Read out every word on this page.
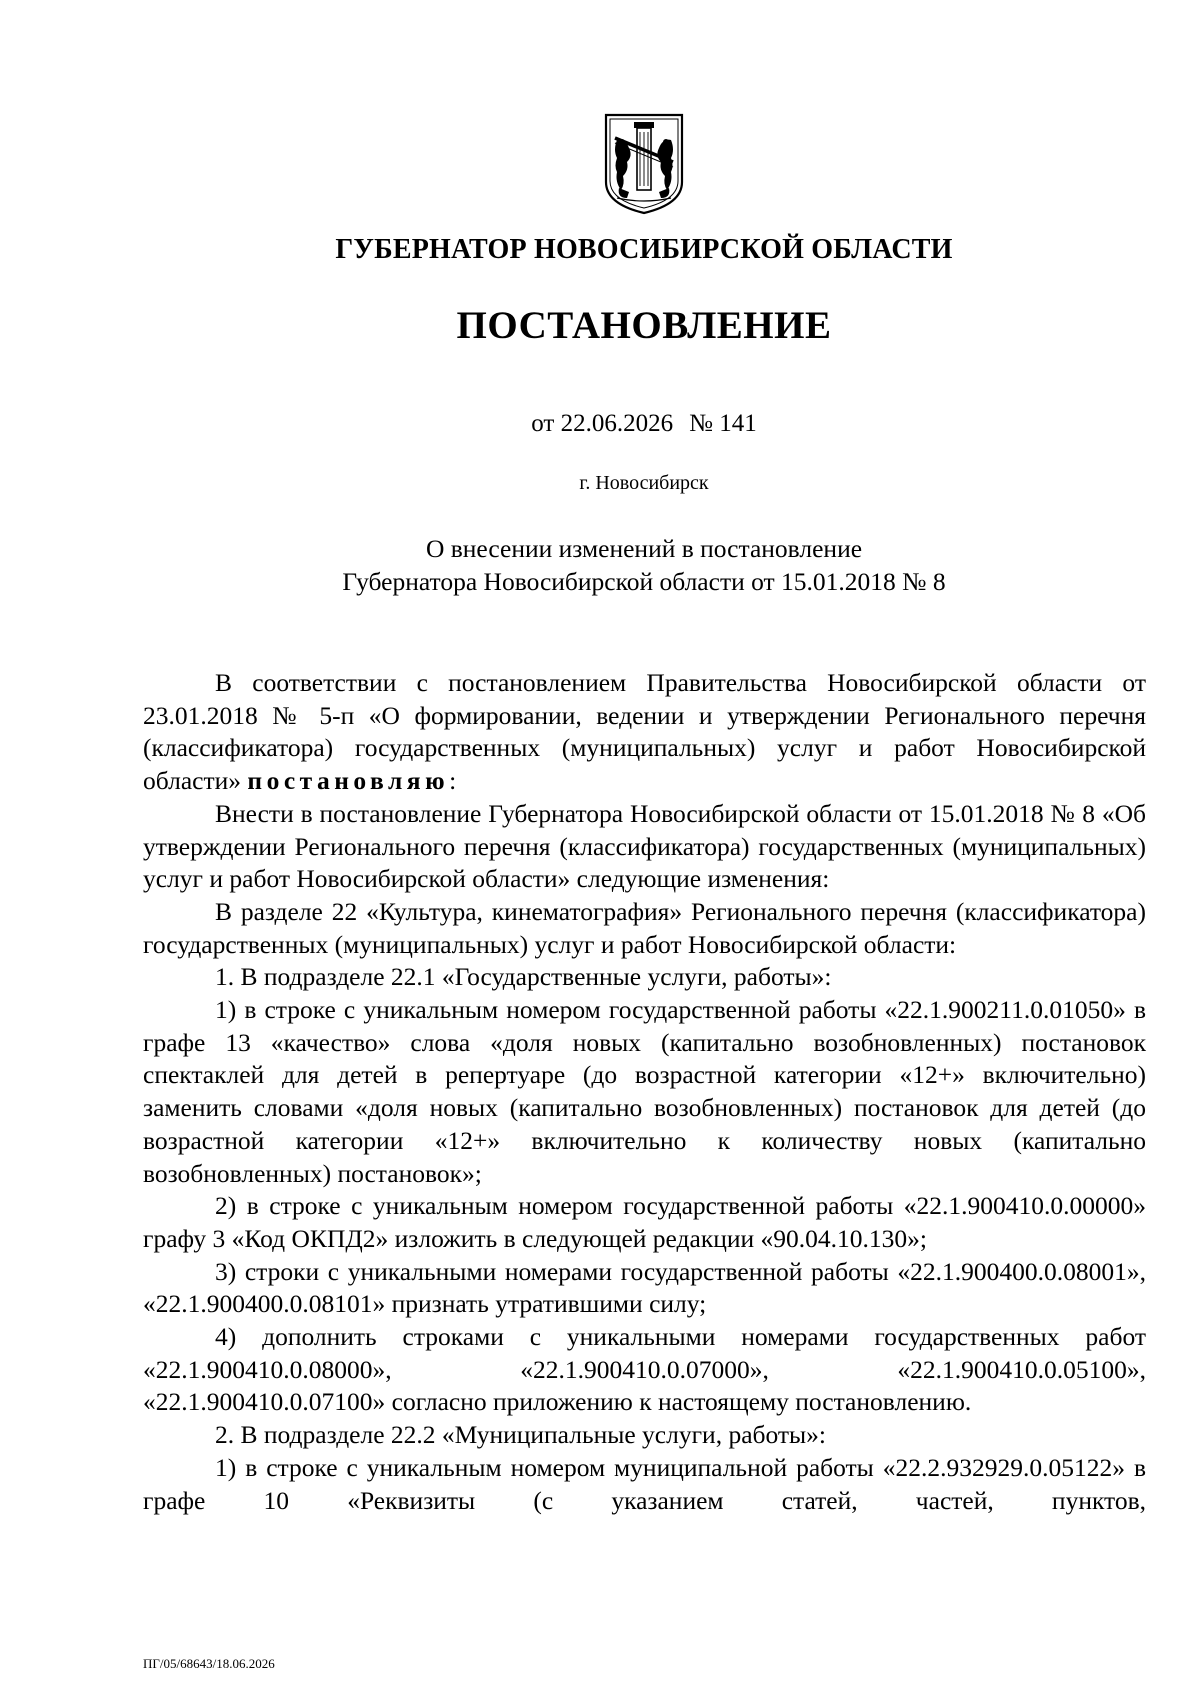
ГУБЕРНАТОР НОВОСИБИРСКОЙ ОБЛАСТИ
ПОСТАНОВЛЕНИЕ
от 22.06.2026 № 141
г. Новосибирск
О внесении изменений в постановление
Губернатора Новосибирской области от 15.01.2018 № 8

В соответствии с постановлением Правительства Новосибирской области от 23.01.2018 № 5-п «О формировании, ведении и утверждении Регионального перечня (классификатора) государственных (муниципальных) услуг и работ Новосибирской области» постановляю:

Внести в постановление Губернатора Новосибирской области от 15.01.2018 № 8 «Об утверждении Регионального перечня (классификатора) государственных (муниципальных) услуг и работ Новосибирской области» следующие изменения:

В разделе 22 «Культура, кинематография» Регионального перечня (классификатора) государственных (муниципальных) услуг и работ Новосибирской области:

1. В подразделе 22.1 «Государственные услуги, работы»:

1) в строке с уникальным номером государственной работы «22.1.900211.0.01050» в графе 13 «качество» слова «доля новых (капитально возобновленных) постановок спектаклей для детей в репертуаре (до возрастной категории «12+» включительно) заменить словами «доля новых (капитально возобновленных) постановок для детей (до возрастной категории «12+» включительно к количеству новых (капитально возобновленных) постановок»;

2) в строке с уникальным номером государственной работы «22.1.900410.0.00000» графу 3 «Код ОКПД2» изложить в следующей редакции «90.04.10.130»;

3) строки с уникальными номерами государственной работы «22.1.900400.0.08001», «22.1.900400.0.08101» признать утратившими силу;

4) дополнить строками с уникальными номерами государственных работ «22.1.900410.0.08000», «22.1.900410.0.07000», «22.1.900410.0.05100», «22.1.900410.0.07100» согласно приложению к настоящему постановлению.

2. В подразделе 22.2 «Муниципальные услуги, работы»:

1) в строке с уникальным номером муниципальной работы «22.2.932929.0.05122» в графе 10 «Реквизиты (с указанием статей, частей, пунктов,

ПГ/05/68643/18.06.2026
